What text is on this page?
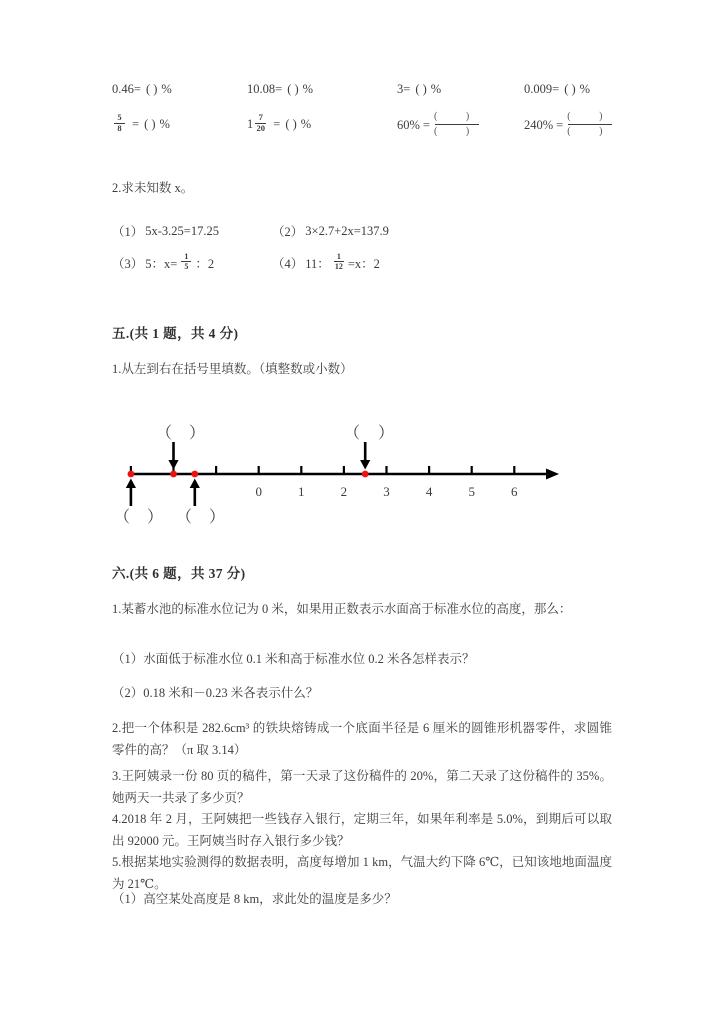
0.46= ( ) %	10.08= ( ) %	3= ( ) %	0.009= ( ) %
$\frac{5}{8}$ = ( ) %	$1 \frac{7}{20}$ = ( ) %	$60\% = \frac{( )}{( )}$	$240\% = \frac{( )}{( )}$
2.求未知数 x。
（1） 5x-3.25=17.25	（2） 3×2.7+2x=137.9
（3） 5：$x= \frac{1}{5}$ ：2	（4） 11： $\frac{1}{12} =x$：2
五.(共 1 题，共 4 分)
1.从左到右在括号里填数。（填整数或小数）
0	1	2	3	4	5	6
（ ）	（ ）
（ ） （ ）
六.(共 6 题，共 37 分)
1.某蓄水池的标准水位记为 0 米，如果用正数表示水面高于标准水位的高度，那么：
（1）水面低于标准水位 0.1 米和高于标准水位 0.2 米各怎样表示？
（2）0.18 米和－0.23 米各表示什么？
2.把一个体积是 282.6cm³ 的铁块熔铸成一个底面半径是 6 厘米的圆锥形机器零件，求圆锥零件的高？（π 取 3.14）
3.王阿姨录一份 80 页的稿件，第一天录了这份稿件的 20%，第二天录了这份稿件的 35%。她两天一共录了多少页？
4.2018 年 2 月，王阿姨把一些钱存入银行，定期三年，如果年利率是 5.0%，到期后可以取出 92000 元。王阿姨当时存入银行多少钱？
5.根据某地实验测得的数据表明，高度每增加 1 km，气温大约下降 6℃，已知该地地面温度为 21℃。
（1）高空某处高度是 8 km，求此处的温度是多少？
